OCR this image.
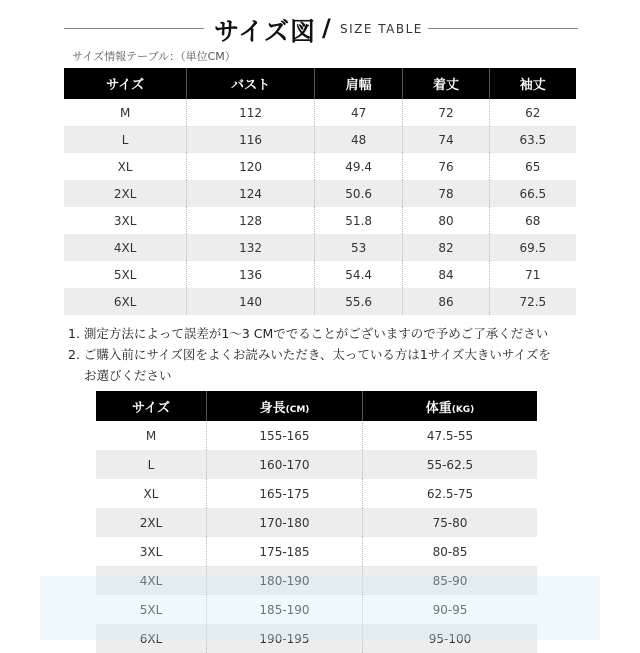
サイズ図 / SIZE TABLE
サイズ情報テーブル：（単位CM）
サイズ	バスト	肩幅	着丈	袖丈
M	112	47	72	62
L	116	48	74	63.5
XL	120	49.4	76	65
2XL	124	50.6	78	66.5
3XL	128	51.8	80	68
4XL	132	53	82	69.5
5XL	136	54.4	84	71
6XL	140	55.6	86	72.5
1. 測定方法によって誤差が1～3 CMででることがございますので予めご了承ください
2. ご購入前にサイズ図をよくお読みいただき、太っている方は1サイズ大きいサイズを
お選びください
サイズ	身長(CM)	体重(KG)
M	155-165	47.5-55
L	160-170	55-62.5
XL	165-175	62.5-75
2XL	170-180	75-80
3XL	175-185	80-85
4XL	180-190	85-90
5XL	185-190	90-95
6XL	190-195	95-100
